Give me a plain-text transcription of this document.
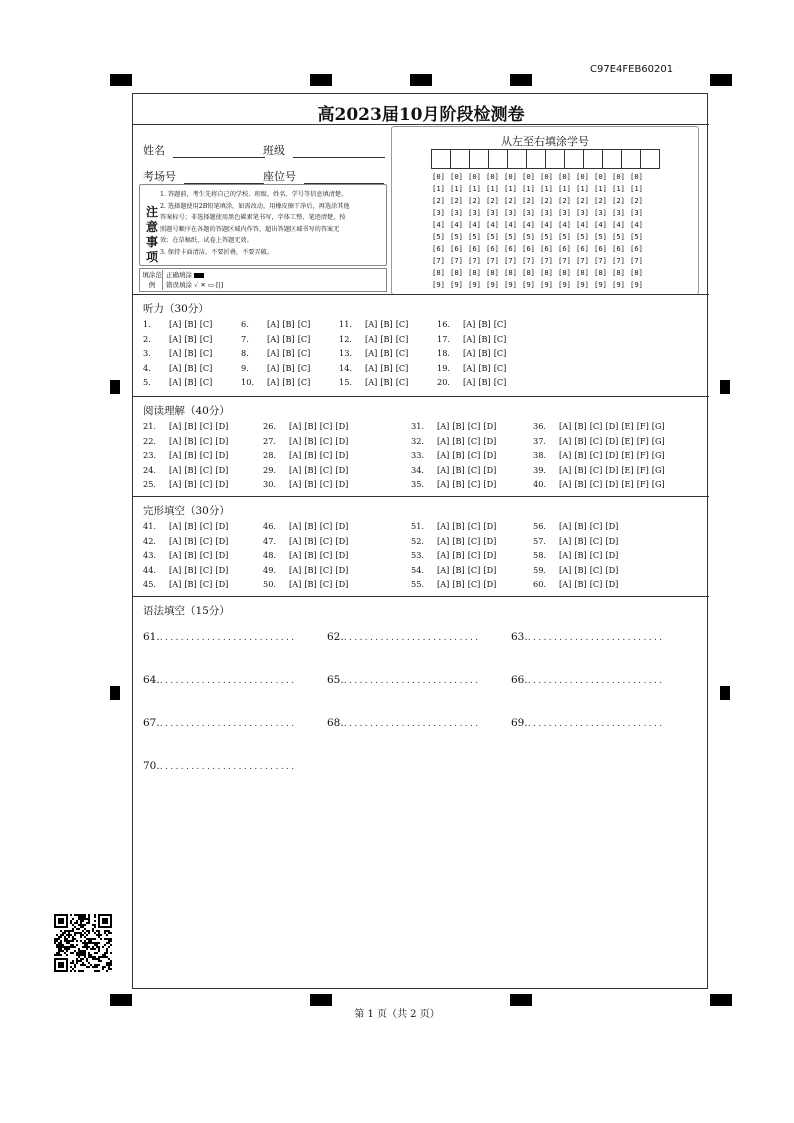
C97E4FEB60201
高2023届10月阶段检测卷
姓名	班级
考场号	座位号
注意事项
1. 答题前，考生先将自己的学校、班级、姓名、学号等信息填清楚。
2. 选择题使用2B铅笔填涂，如需改动，用橡皮擦干净后，再选涂其他
答案标号；非选择题使用黑色碳素笔书写，字体工整、笔迹清楚，按
照题号顺序在各题的答题区域内作答，超出答题区域书写的答案无
效；在草稿纸、试卷上答题无效。
3. 保持卡面清洁，不要折叠，不要弄破。
填涂范例
正确填涂
错误填涂 ✓ ✕ ▭ [|]
从左至右填涂学号
[0] [0] [0] [0] [0] [0] [0] [0] [0] [0] [0] [0]
[1] [1] [1] [1] [1] [1] [1] [1] [1] [1] [1] [1]
[2] [2] [2] [2] [2] [2] [2] [2] [2] [2] [2] [2]
[3] [3] [3] [3] [3] [3] [3] [3] [3] [3] [3] [3]
[4] [4] [4] [4] [4] [4] [4] [4] [4] [4] [4] [4]
[5] [5] [5] [5] [5] [5] [5] [5] [5] [5] [5] [5]
[6] [6] [6] [6] [6] [6] [6] [6] [6] [6] [6] [6]
[7] [7] [7] [7] [7] [7] [7] [7] [7] [7] [7] [7]
[8] [8] [8] [8] [8] [8] [8] [8] [8] [8] [8] [8]
[9] [9] [9] [9] [9] [9] [9] [9] [9] [9] [9] [9]
听力（30分）
1. [A] [B] [C]	6. [A] [B] [C]	11. [A] [B] [C]	16. [A] [B] [C]
2. [A] [B] [C]	7. [A] [B] [C]	12. [A] [B] [C]	17. [A] [B] [C]
3. [A] [B] [C]	8. [A] [B] [C]	13. [A] [B] [C]	18. [A] [B] [C]
4. [A] [B] [C]	9. [A] [B] [C]	14. [A] [B] [C]	19. [A] [B] [C]
5. [A] [B] [C]	10. [A] [B] [C]	15. [A] [B] [C]	20. [A] [B] [C]
阅读理解（40分）
21. [A] [B] [C] [D]	26. [A] [B] [C] [D]	31. [A] [B] [C] [D]	36. [A] [B] [C] [D] [E] [F] [G]
22. [A] [B] [C] [D]	27. [A] [B] [C] [D]	32. [A] [B] [C] [D]	37. [A] [B] [C] [D] [E] [F] [G]
23. [A] [B] [C] [D]	28. [A] [B] [C] [D]	33. [A] [B] [C] [D]	38. [A] [B] [C] [D] [E] [F] [G]
24. [A] [B] [C] [D]	29. [A] [B] [C] [D]	34. [A] [B] [C] [D]	39. [A] [B] [C] [D] [E] [F] [G]
25. [A] [B] [C] [D]	30. [A] [B] [C] [D]	35. [A] [B] [C] [D]	40. [A] [B] [C] [D] [E] [F] [G]
完形填空（30分）
41. [A] [B] [C] [D]	46. [A] [B] [C] [D]	51. [A] [B] [C] [D]	56. [A] [B] [C] [D]
42. [A] [B] [C] [D]	47. [A] [B] [C] [D]	52. [A] [B] [C] [D]	57. [A] [B] [C] [D]
43. [A] [B] [C] [D]	48. [A] [B] [C] [D]	53. [A] [B] [C] [D]	58. [A] [B] [C] [D]
44. [A] [B] [C] [D]	49. [A] [B] [C] [D]	54. [A] [B] [C] [D]	59. [A] [B] [C] [D]
45. [A] [B] [C] [D]	50. [A] [B] [C] [D]	55. [A] [B] [C] [D]	60. [A] [B] [C] [D]
语法填空（15分）
61...........................	62...........................	63...........................
64...........................	65...........................	66...........................
67...........................	68...........................	69...........................
70...........................
第 1 页（共 2 页）
